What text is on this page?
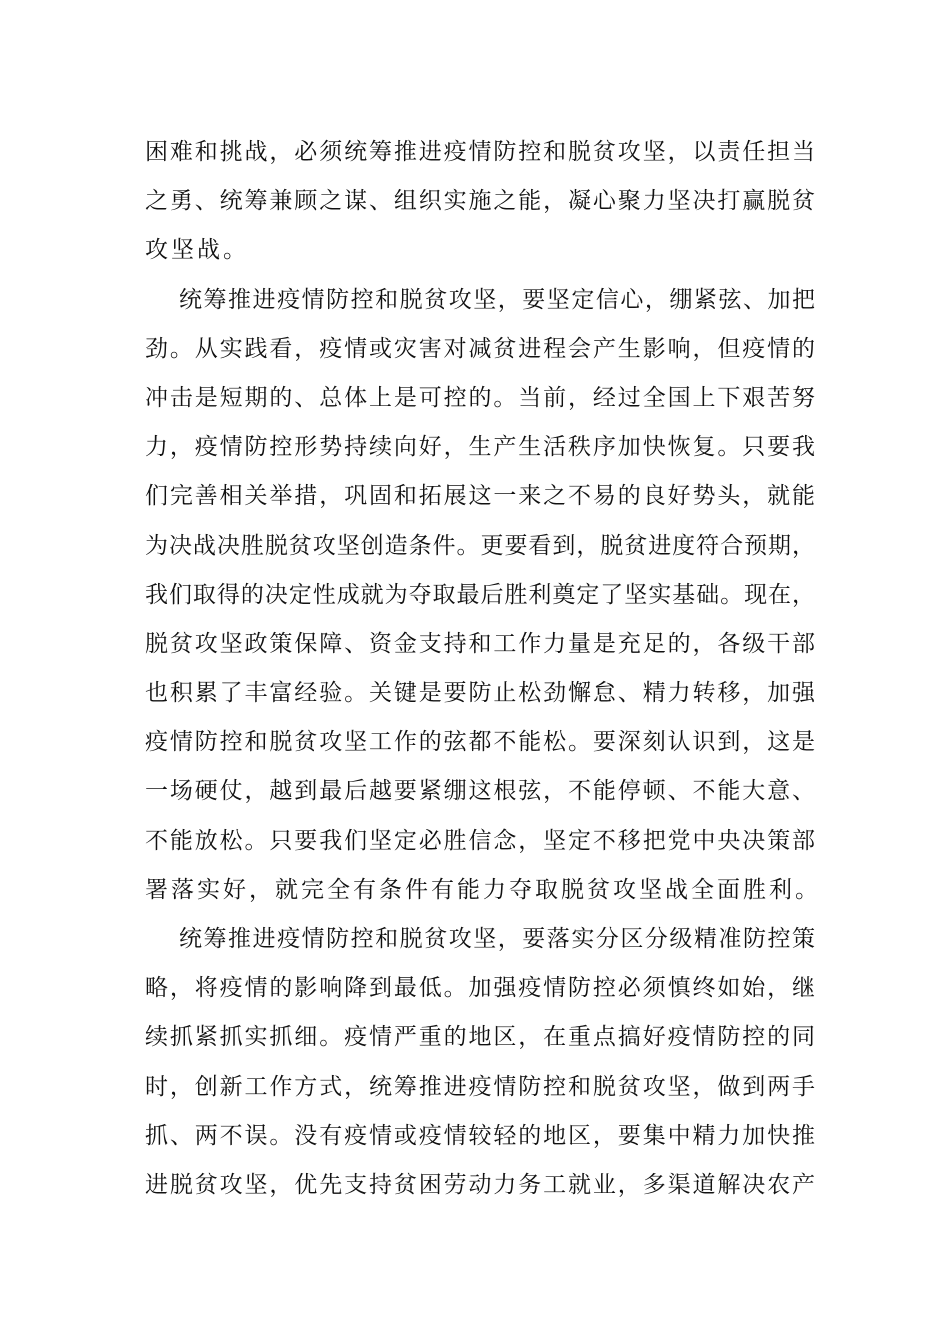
困难和挑战，必须统筹推进疫情防控和脱贫攻坚，以责任担当
之勇、统筹兼顾之谋、组织实施之能，凝心聚力坚决打赢脱贫
攻坚战。
统筹推进疫情防控和脱贫攻坚，要坚定信心，绷紧弦、加把
劲。从实践看，疫情或灾害对减贫进程会产生影响，但疫情的
冲击是短期的、总体上是可控的。当前，经过全国上下艰苦努
力，疫情防控形势持续向好，生产生活秩序加快恢复。只要我
们完善相关举措，巩固和拓展这一来之不易的良好势头，就能
为决战决胜脱贫攻坚创造条件。更要看到，脱贫进度符合预期，
我们取得的决定性成就为夺取最后胜利奠定了坚实基础。现在，
脱贫攻坚政策保障、资金支持和工作力量是充足的，各级干部
也积累了丰富经验。关键是要防止松劲懈怠、精力转移，加强
疫情防控和脱贫攻坚工作的弦都不能松。要深刻认识到，这是
一场硬仗，越到最后越要紧绷这根弦，不能停顿、不能大意、
不能放松。只要我们坚定必胜信念，坚定不移把党中央决策部
署落实好，就完全有条件有能力夺取脱贫攻坚战全面胜利。
统筹推进疫情防控和脱贫攻坚，要落实分区分级精准防控策
略，将疫情的影响降到最低。加强疫情防控必须慎终如始，继
续抓紧抓实抓细。疫情严重的地区，在重点搞好疫情防控的同
时，创新工作方式，统筹推进疫情防控和脱贫攻坚，做到两手
抓、两不误。没有疫情或疫情较轻的地区，要集中精力加快推
进脱贫攻坚，优先支持贫困劳动力务工就业，多渠道解决农产
